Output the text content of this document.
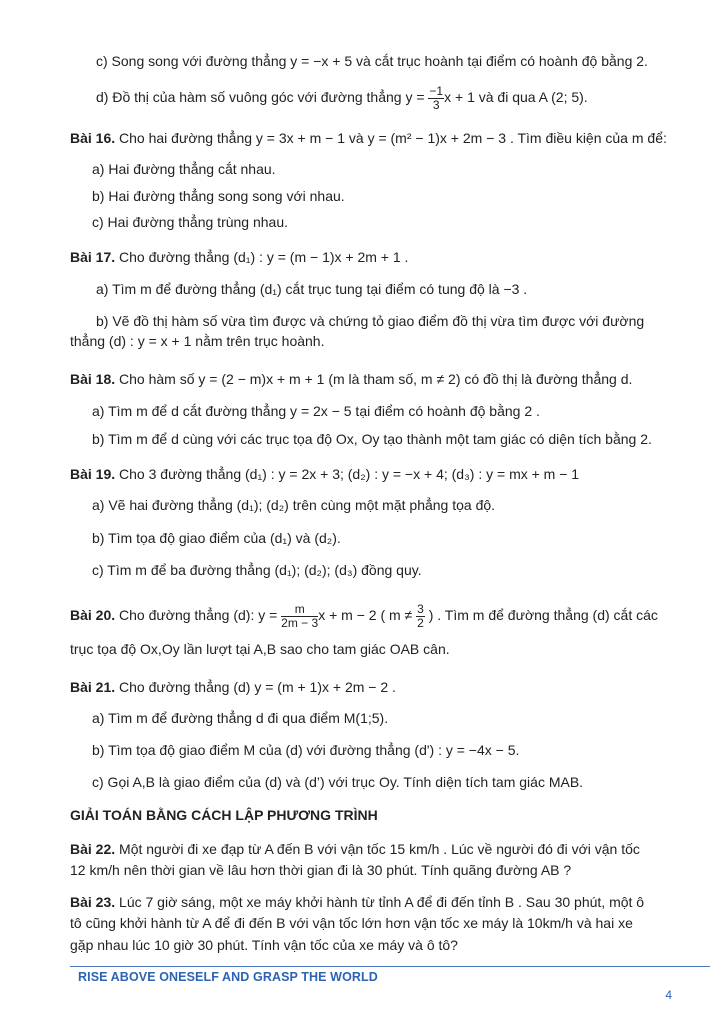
c) Song song với đường thẳng y = −x + 5 và cắt trục hoành tại điểm có hoành độ bằng 2.
d) Đồ thị của hàm số vuông góc với đường thẳng $y = \frac{-1}{3}$ x + 1 và đi qua A (2; 5).
Bài 16. Cho hai đường thẳng y = 3x + m − 1 và y = (m² − 1)x + 2m − 3 . Tìm điều kiện của m để:
a) Hai đường thẳng cắt nhau.
b) Hai đường thẳng song song với nhau.
c) Hai đường thẳng trùng nhau.
Bài 17. Cho đường thẳng (d₁) : y = (m − 1)x + 2m + 1 .
a) Tìm m để đường thẳng (d₁) cắt trục tung tại điểm có tung độ là −3 .
b) Vẽ đồ thị hàm số vừa tìm được và chứng tỏ giao điểm đồ thị vừa tìm được với đường
thẳng (d) : y = x + 1 nằm trên trục hoành.
Bài 18. Cho hàm số y = (2 − m)x + m + 1 (m là tham số, m ≠ 2) có đồ thị là đường thẳng d.
a) Tìm m để d cắt đường thẳng y = 2x − 5 tại điểm có hoành độ bằng 2 .
b) Tìm m để d cùng với các trục tọa độ Ox, Oy tạo thành một tam giác có diện tích bằng 2.
Bài 19. Cho 3 đường thẳng (d₁) : y = 2x + 3; (d₂) : y = −x + 4; (d₃) : y = mx + m − 1
a) Vẽ hai đường thẳng (d₁); (d₂) trên cùng một mặt phẳng tọa độ.
b) Tìm tọa độ giao điểm của (d₁) và (d₂).
c) Tìm m để ba đường thẳng (d₁); (d₂); (d₃) đồng quy.
Bài 20. Cho đường thẳng (d): $y = \frac{m}{2m - 3}$ x + m − 2 ( $m \ne \frac{3}{2}$ ) . Tìm m để đường thẳng (d) cắt các
trục tọa độ Ox,Oy lần lượt tại A,B sao cho tam giác OAB cân.
Bài 21. Cho đường thẳng (d) y = (m + 1)x + 2m − 2 .
a) Tìm m để đường thẳng d đi qua điểm M(1;5).
b) Tìm tọa độ giao điểm M của (d) với đường thẳng (d') : y = −4x − 5.
c) Gọi A,B là giao điểm của (d) và (d’) với trục Oy. Tính diện tích tam giác MAB.
GIẢI TOÁN BẰNG CÁCH LẬP PHƯƠNG TRÌNH
Bài 22. Một người đi xe đạp từ A đến B với vận tốc 15 km/h . Lúc về người đó đi với vận tốc
12 km/h nên thời gian về lâu hơn thời gian đi là 30 phút. Tính quãng đường AB ?
Bài 23. Lúc 7 giờ sáng, một xe máy khởi hành từ tỉnh A để đi đến tỉnh B . Sau 30 phút, một ô
tô cũng khởi hành từ A để đi đến B với vận tốc lớn hơn vận tốc xe máy là 10km/h và hai xe
gặp nhau lúc 10 giờ 30 phút. Tính vận tốc của xe máy và ô tô?
RISE ABOVE ONESELF AND GRASP THE WORLD
4
